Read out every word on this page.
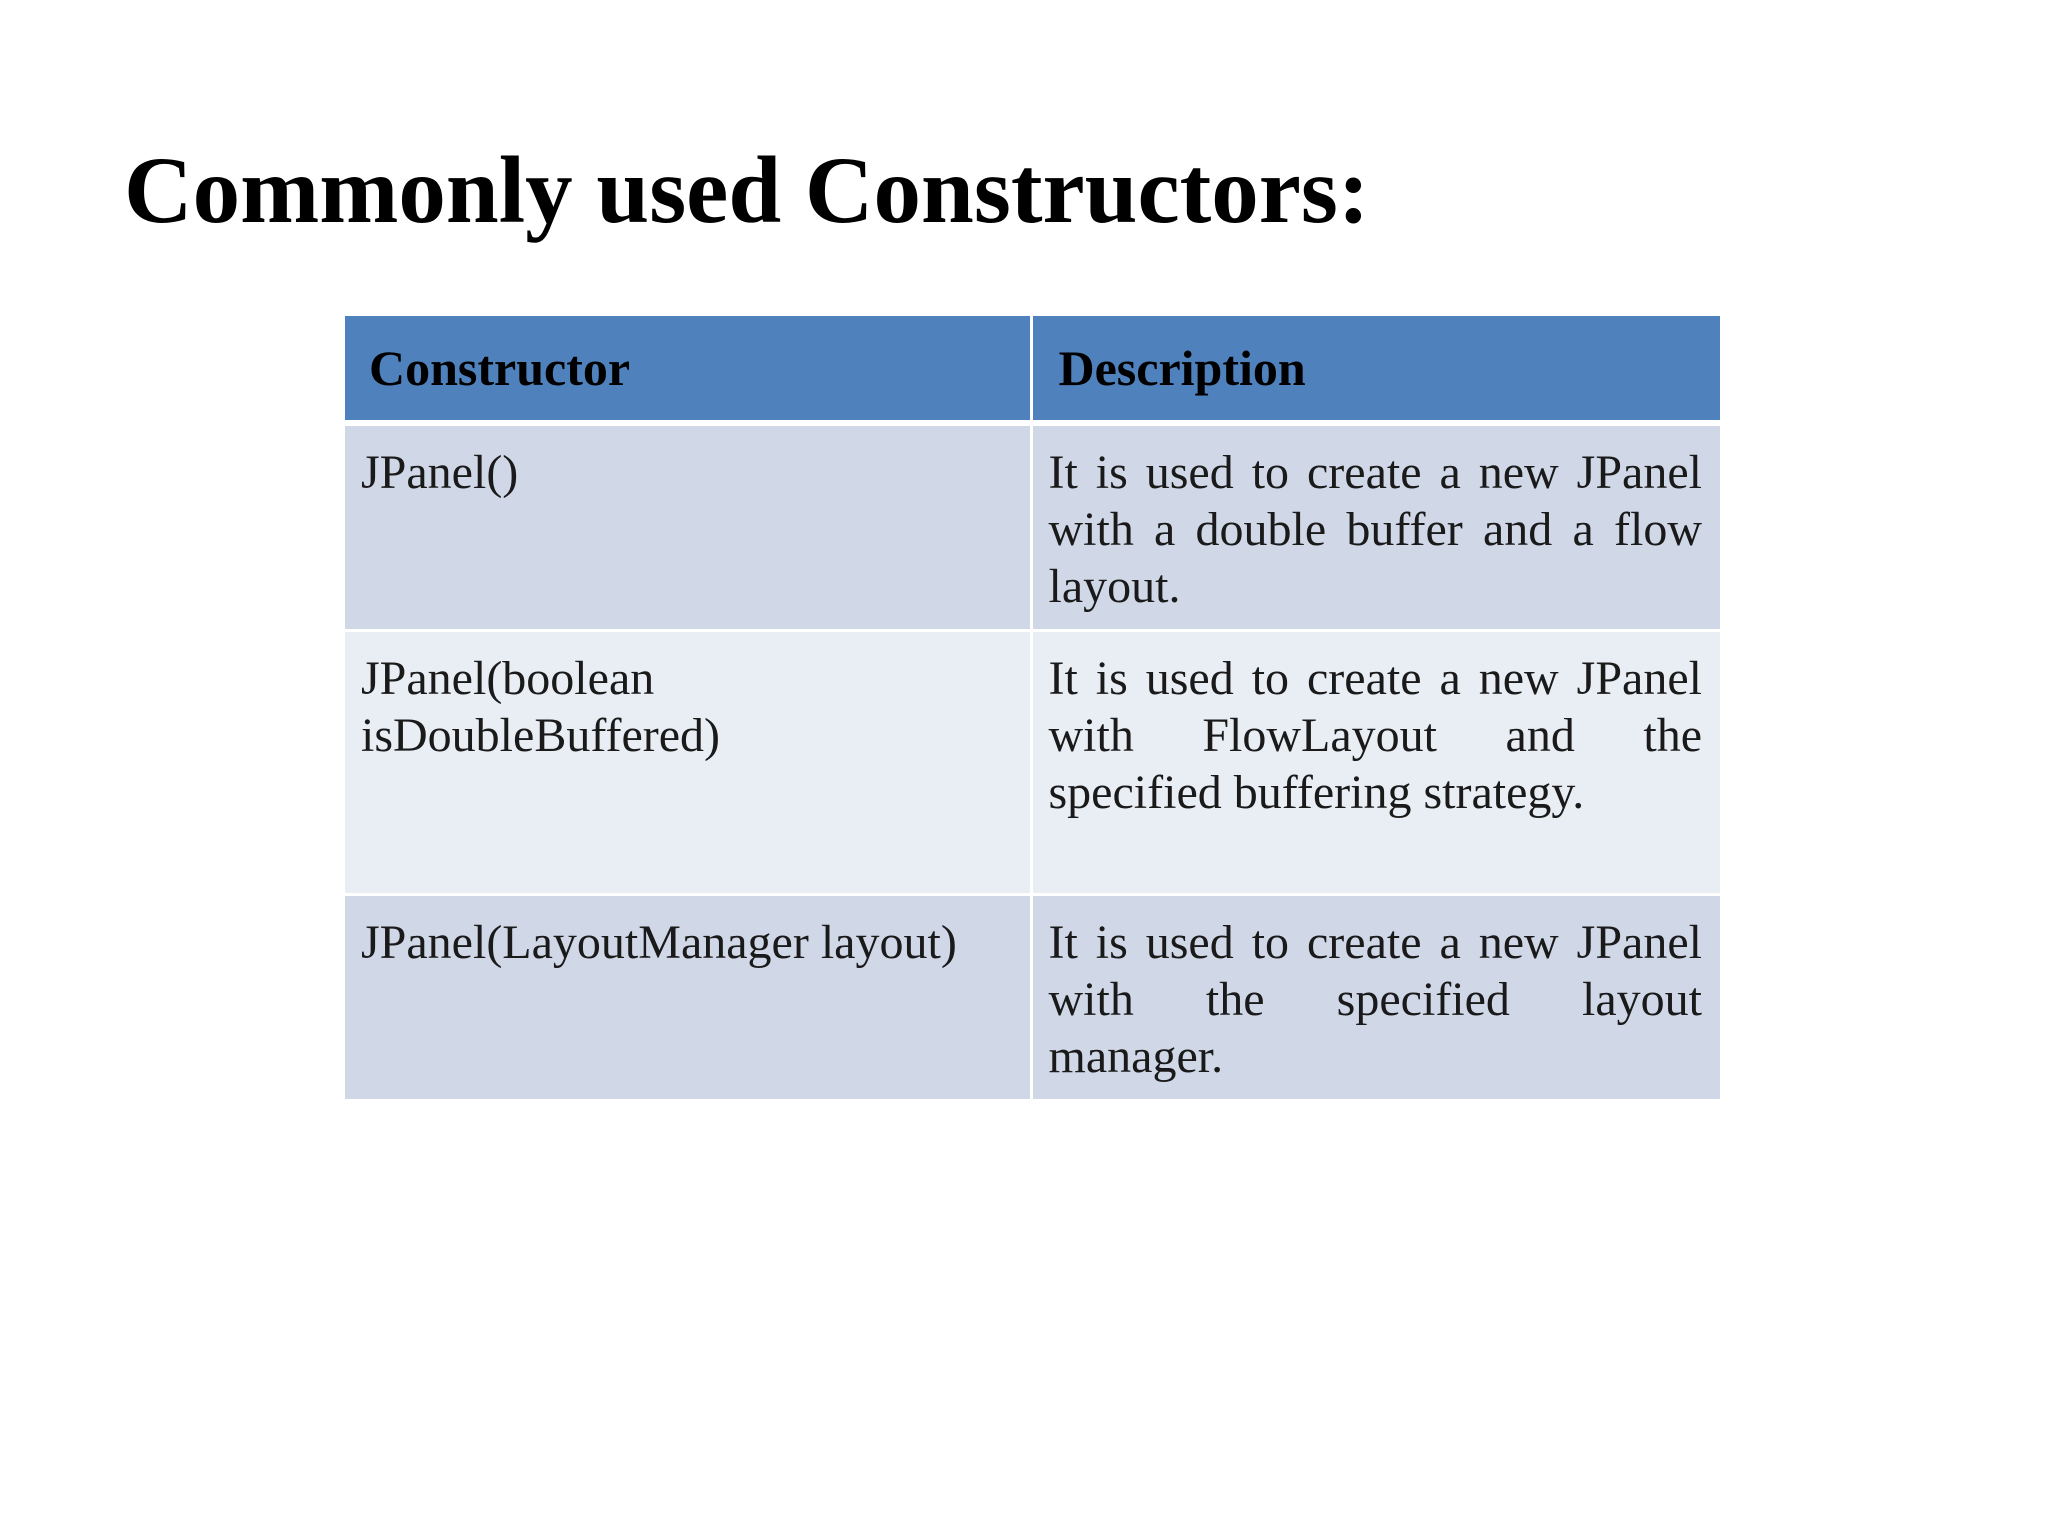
Commonly used Constructors:
Constructor	Description
JPanel()	It is used to create a new JPanel with a double buffer and a flow layout.
JPanel(boolean isDoubleBuffered)	It is used to create a new JPanel with FlowLayout and the specified buffering strategy.
JPanel(LayoutManager layout)	It is used to create a new JPanel with the specified layout manager.
